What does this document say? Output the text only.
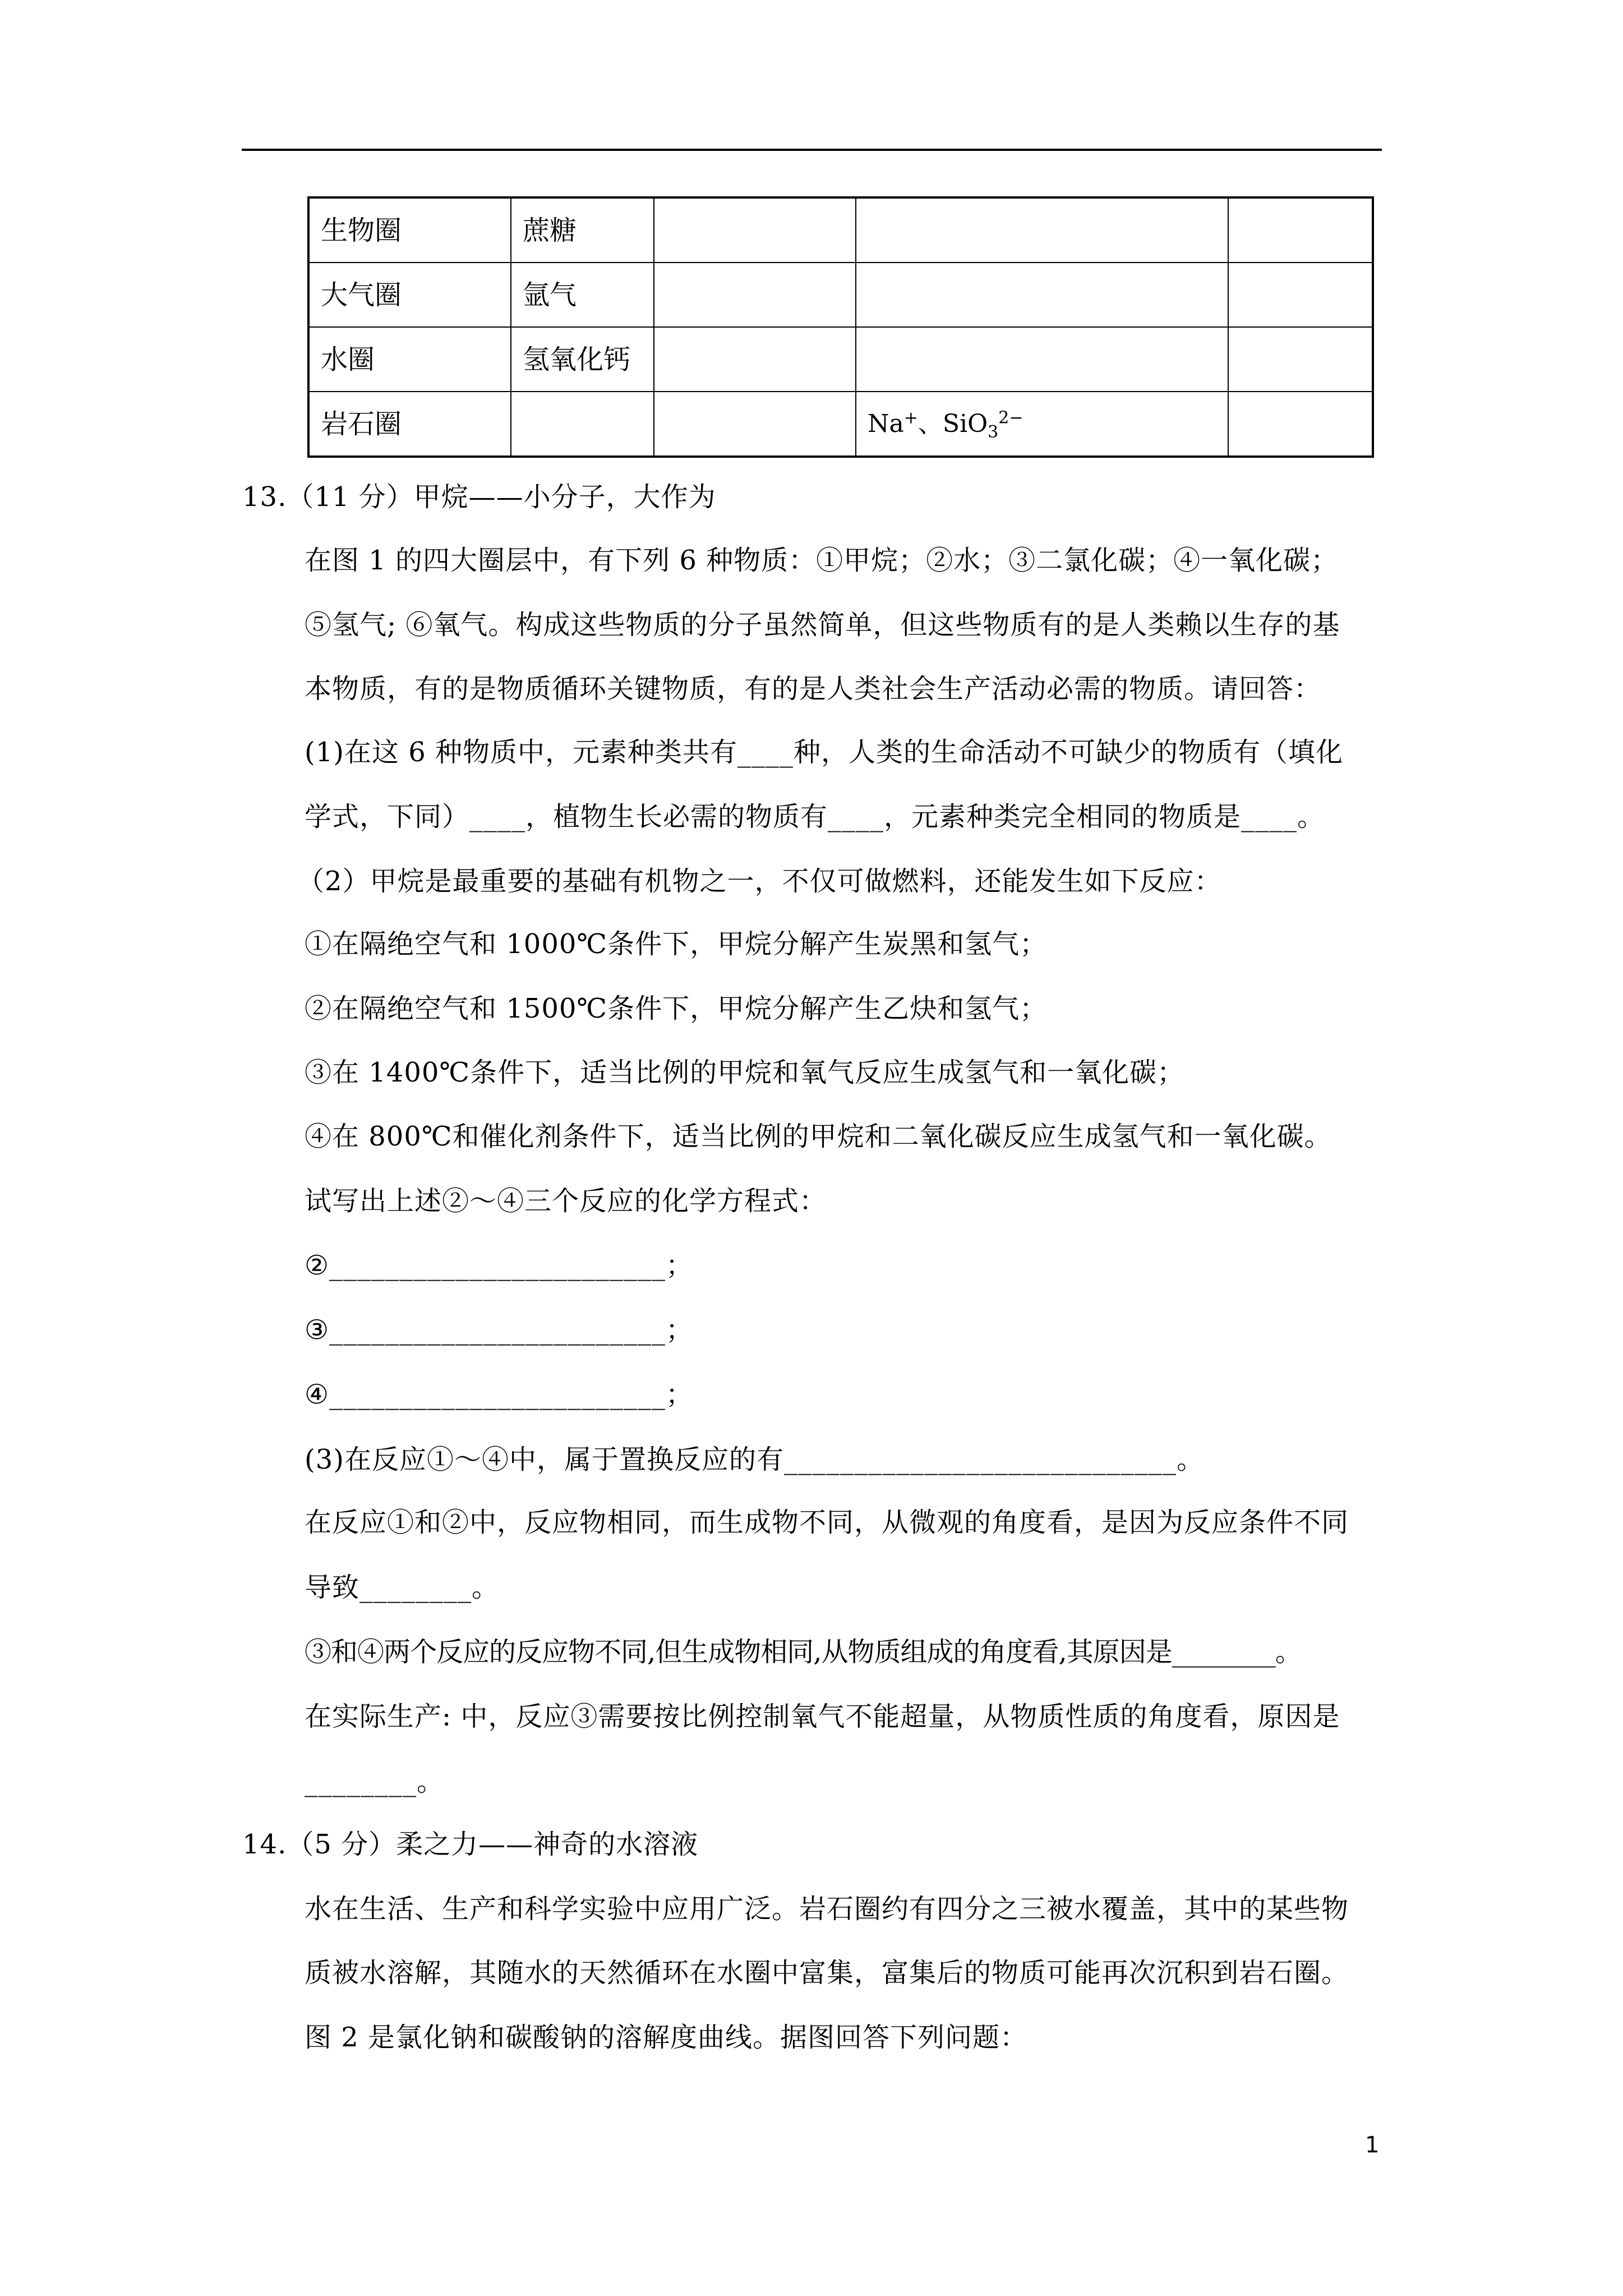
生物圈	蔗糖			
大气圈	氩气			
水圈	氢氧化钙			
岩石圈			Na+、SiO$_3^{2-}$	
13.（11 分）甲烷——小分子，大作为
在图 1 的四大圈层中，有下列 6 种物质：①甲烷；②水；③二氯化碳；④一氧化碳；
⑤氢气; ⑥氧气。构成这些物质的分子虽然简单，但这些物质有的是人类赖以生存的基
本物质，有的是物质循环关键物质，有的是人类社会生产活动必需的物质。请回答：
(1)在这 6 种物质中，元素种类共有____种，人类的生命活动不可缺少的物质有（填化
学式，下同）____，植物生长必需的物质有____，元素种类完全相同的物质是____。
（2）甲烷是最重要的基础有机物之一，不仅可做燃料，还能发生如下反应：
①在隔绝空气和 1000℃条件下，甲烷分解产生炭黑和氢气；
②在隔绝空气和 1500℃条件下，甲烷分解产生乙炔和氢气；
③在 1400℃条件下，适当比例的甲烷和氧气反应生成氢气和一氧化碳；
④在 800℃和催化剂条件下，适当比例的甲烷和二氧化碳反应生成氢气和一氧化碳。
试写出上述②～④三个反应的化学方程式：
②________________________；
③________________________；
④________________________；
(3)在反应①～④中，属于置换反应的有____________________________。
在反应①和②中，反应物相同，而生成物不同，从微观的角度看，是因为反应条件不同
导致________。
③和④两个反应的反应物不同,但生成物相同,从物质组成的角度看,其原因是________。
在实际生产: 中，反应③需要按比例控制氧气不能超量，从物质性质的角度看，原因是
________。
14.（5 分）柔之力——神奇的水溶液
水在生活、生产和科学实验中应用广泛。岩石圈约有四分之三被水覆盖，其中的某些物
质被水溶解，其随水的天然循环在水圈中富集，富集后的物质可能再次沉积到岩石圈。
图 2 是氯化钠和碳酸钠的溶解度曲线。据图回答下列问题：
1
